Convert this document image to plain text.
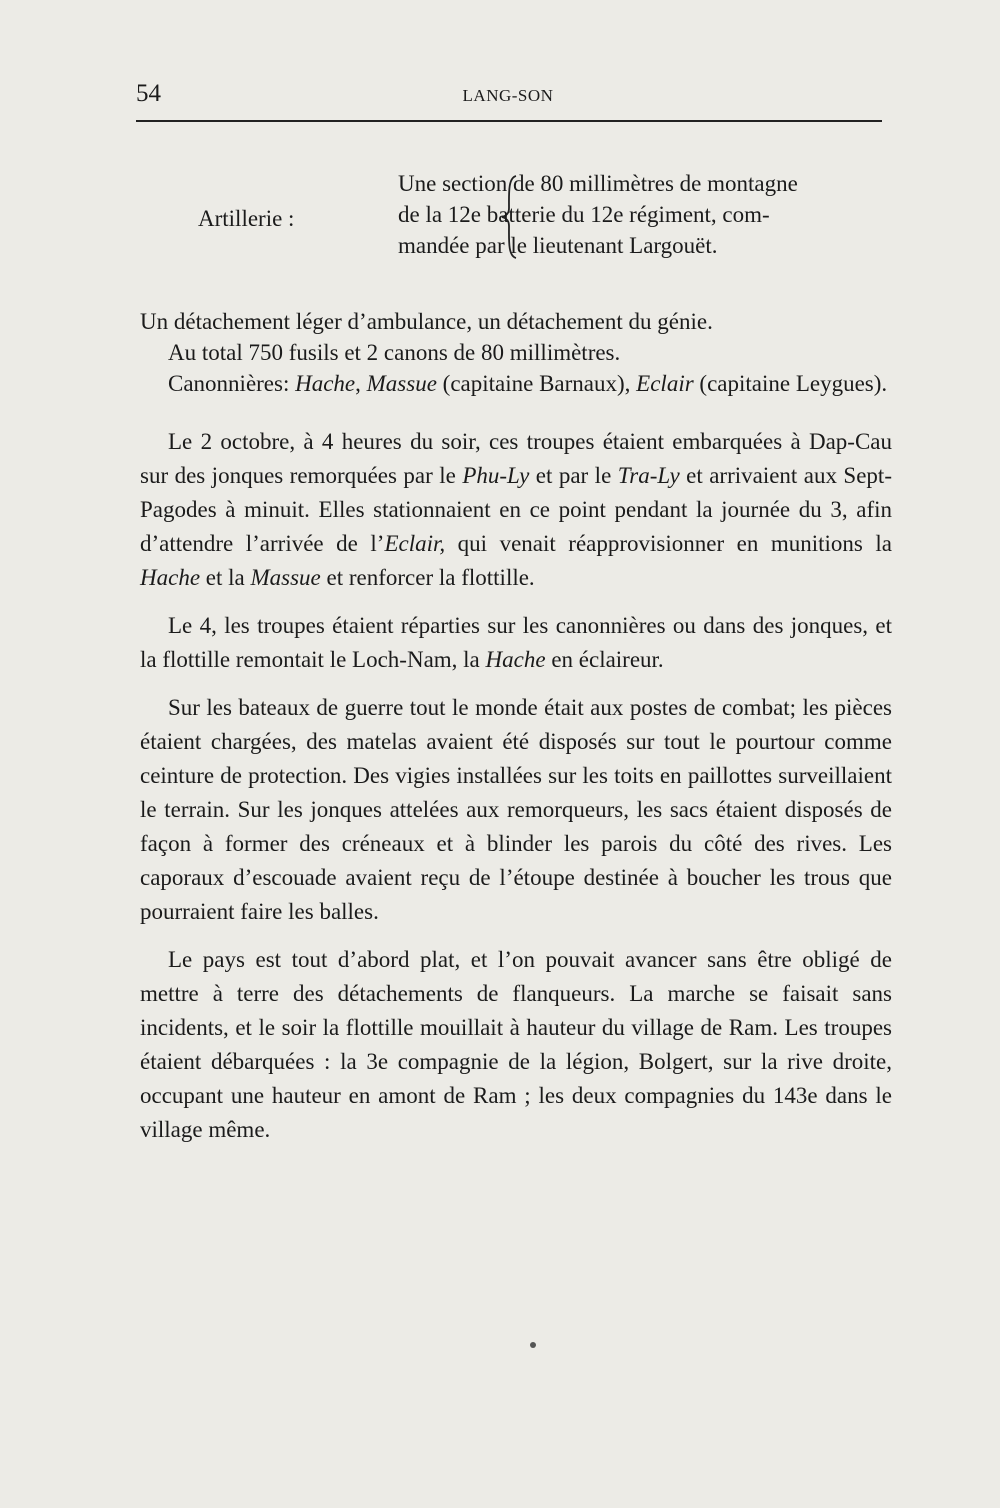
54	LANG-SON
Artillerie :
Une section de 80 millimètres de montagne
de la 12e batterie du 12e régiment, com-
mandée par le lieutenant Largouët.

Un détachement léger d’ambulance, un détachement du génie.

Au total 750 fusils et 2 canons de 80 millimètres.

Canonnières: Hache, Massue (capitaine Barnaux), Eclair (capitaine Leygues).

Le 2 octobre, à 4 heures du soir, ces troupes étaient embarquées à Dap-Cau sur des jonques remorquées par le Phu-Ly et par le Tra-Ly et arrivaient aux Sept-Pagodes à minuit. Elles stationnaient en ce point pendant la journée du 3, afin d’attendre l’arrivée de l’Eclair, qui venait réapprovisionner en munitions la Hache et la Massue et renforcer la flottille.

Le 4, les troupes étaient réparties sur les canonnières ou dans des jonques, et la flottille remontait le Loch-Nam, la Hache en éclaireur.

Sur les bateaux de guerre tout le monde était aux postes de combat; les pièces étaient chargées, des matelas avaient été disposés sur tout le pourtour comme ceinture de protection. Des vigies installées sur les toits en paillottes surveillaient le terrain. Sur les jonques attelées aux remorqueurs, les sacs étaient disposés de façon à former des créneaux et à blinder les parois du côté des rives. Les caporaux d’escouade avaient reçu de l’étoupe destinée à boucher les trous que pourraient faire les balles.

Le pays est tout d’abord plat, et l’on pouvait avancer sans être obligé de mettre à terre des détachements de flanqueurs. La marche se faisait sans incidents, et le soir la flottille mouillait à hauteur du village de Ram. Les troupes étaient débarquées : la 3e compagnie de la légion, Bolgert, sur la rive droite, occupant une hauteur en amont de Ram ; les deux compagnies du 143e dans le village même.
